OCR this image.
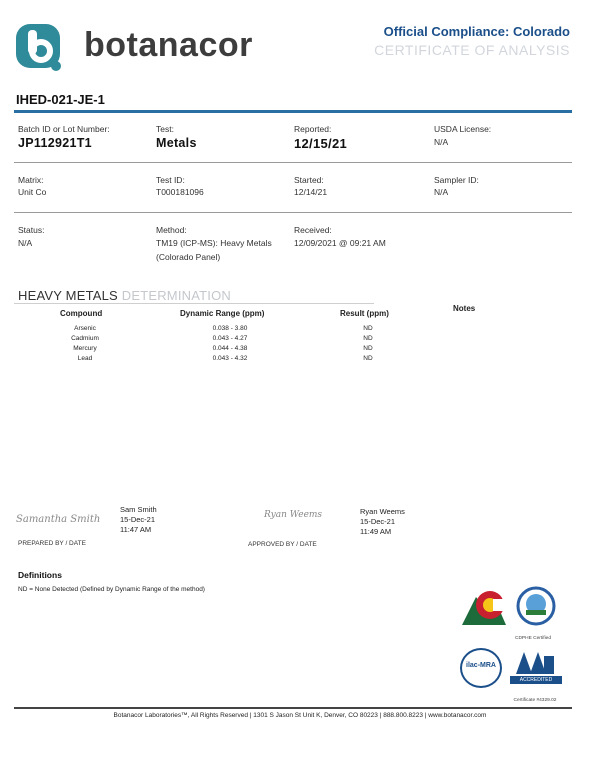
botanacor	Official Compliance: Colorado
CERTIFICATE OF ANALYSIS
IHED-021-JE-1
Batch ID or Lot Number:
JP112921T1
Test:
Metals
Reported:
12/15/21
USDA License:
N/A
Matrix:
Unit Co
Test ID:
T000181096
Started:
12/14/21
Sampler ID:
N/A
Status:
N/A
Method:
TM19 (ICP-MS): Heavy Metals
(Colorado Panel)
Received:
12/09/2021 @ 09:21 AM
HEAVY METALS DETERMINATION
Compound	Dynamic Range (ppm)	Result (ppm)
Notes
Arsenic	0.038 - 3.80	ND
Cadmium	0.043 - 4.27	ND
Mercury	0.044 - 4.38	ND
Lead	0.043 - 4.32	ND
Samantha Smith
Sam Smith
15-Dec-21
11:47 AM
PREPARED BY / DATE
Ryan Weems	Ryan Weems
15-Dec-21
11:49 AM
APPROVED BY / DATE
Definitions
ND = None Detected (Defined by Dynamic Range of the method)
CDPHE Certified
ilac-MRA
ACCREDITED
Certificate #4329.02
Botanacor Laboratories™, All Rights Reserved | 1301 S Jason St Unit K, Denver, CO 80223 | 888.800.8223 | www.botanacor.com
